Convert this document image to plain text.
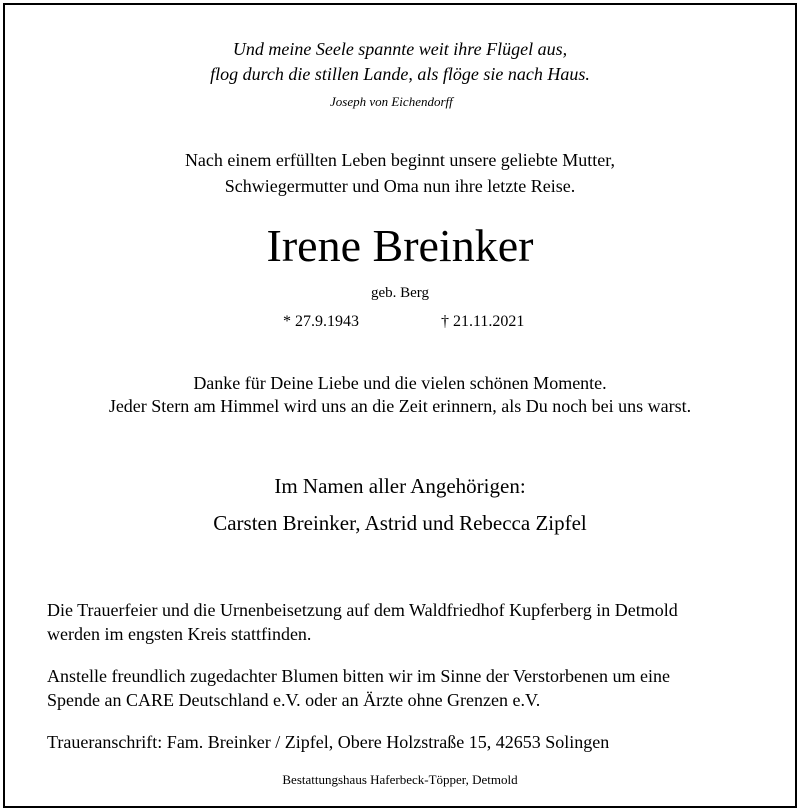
Und meine Seele spannte weit ihre Flügel aus,
flog durch die stillen Lande, als flöge sie nach Haus.
Joseph von Eichendorff
Nach einem erfüllten Leben beginnt unsere geliebte Mutter,
Schwiegermutter und Oma nun ihre letzte Reise.
Irene Breinker
geb. Berg
* 27.9.1943	† 21.11.2021
Danke für Deine Liebe und die vielen schönen Momente.
Jeder Stern am Himmel wird uns an die Zeit erinnern, als Du noch bei uns warst.
Im Namen aller Angehörigen:
Carsten Breinker, Astrid und Rebecca Zipfel
Die Trauerfeier und die Urnenbeisetzung auf dem Waldfriedhof Kupferberg in Detmold
werden im engsten Kreis stattfinden.
Anstelle freundlich zugedachter Blumen bitten wir im Sinne der Verstorbenen um eine
Spende an CARE Deutschland e.V. oder an Ärzte ohne Grenzen e.V.
Traueranschrift: Fam. Breinker / Zipfel, Obere Holzstraße 15, 42653 Solingen
Bestattungshaus Haferbeck-Töpper, Detmold
